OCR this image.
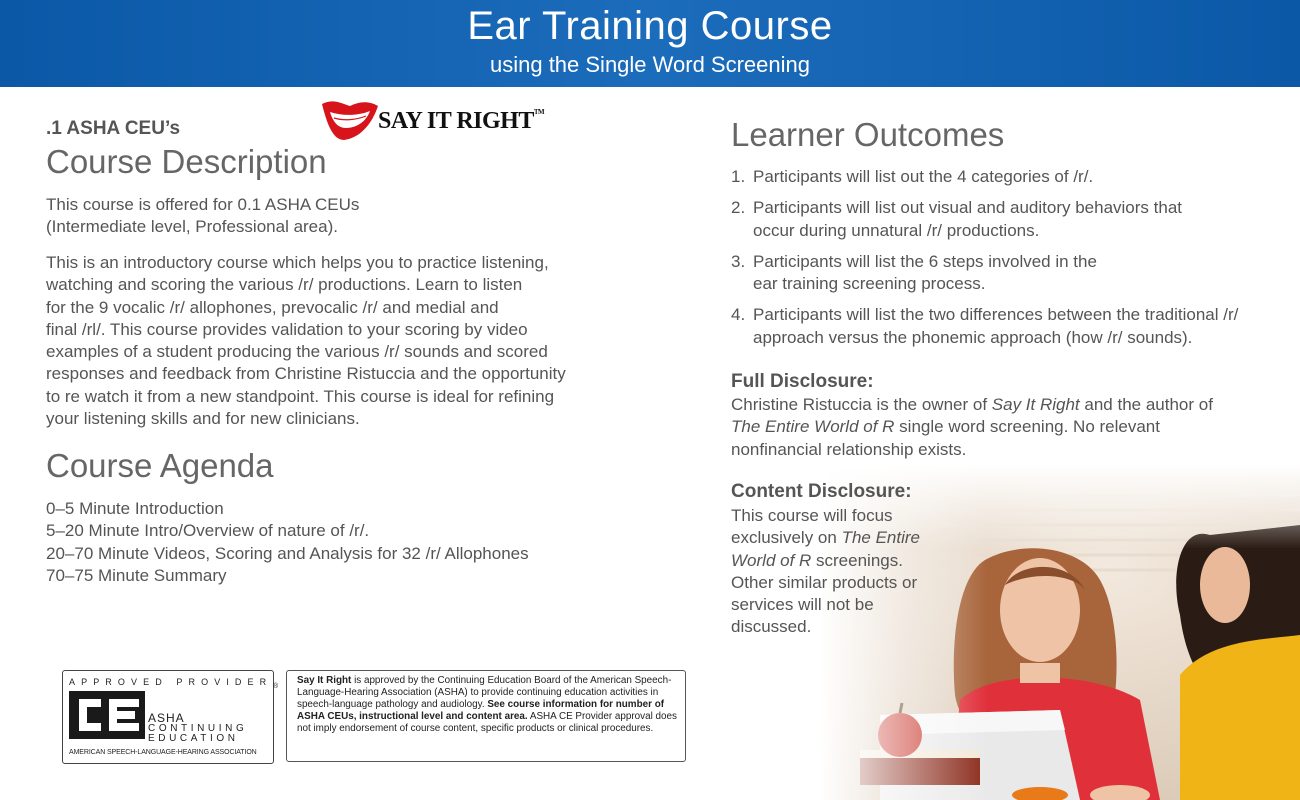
Ear Training Course
using the Single Word Screening
.1 ASHA CEU’s	SAY IT RIGHT™
Course Description
This course is offered for 0.1 ASHA CEUs
(Intermediate level, Professional area).
This is an introductory course which helps you to practice listening,
watching and scoring the various /r/ productions. Learn to listen
for the 9 vocalic /r/ allophones, prevocalic /r/ and medial and
final /rl/. This course provides validation to your scoring by video
examples of a student producing the various /r/ sounds and scored
responses and feedback from Christine Ristuccia and the opportunity
to re watch it from a new standpoint. This course is ideal for refining
your listening skills and for new clinicians.
Course Agenda
0–5 Minute Introduction
5–20 Minute Intro/Overview of nature of /r/.
20–70 Minute Videos, Scoring and Analysis for 32 /r/ Allophones
70–75 Minute Summary
APPROVED PROVIDER
ASHA
CONTINUING
EDUCATION
AMERICAN SPEECH-LANGUAGE-HEARING ASSOCIATION
®

Say It Right is approved by the Continuing Education Board of the American Speech-Language-Hearing Association (ASHA) to provide continuing education activities in speech-language pathology and audiology. See course information for number of ASHA CEUs, instructional level and content area. ASHA CE Provider approval does not imply endorsement of course content, specific products or clinical procedures.

Learner Outcomes
1. Participants will list out the 4 categories of /r/.
2. Participants will list out visual and auditory behaviors that
occur during unnatural /r/ productions.
3. Participants will list the 6 steps involved in the
ear training screening process.
4. Participants will list the two differences between the traditional /r/
approach versus the phonemic approach (how /r/ sounds).
Full Disclosure:
Christine Ristuccia is the owner of Say It Right and the author of
The Entire World of R single word screening. No relevant
nonfinancial relationship exists.
Content Disclosure:
This course will focus
exclusively on The Entire
World of R screenings.
Other similar products or
services will not be
discussed.
